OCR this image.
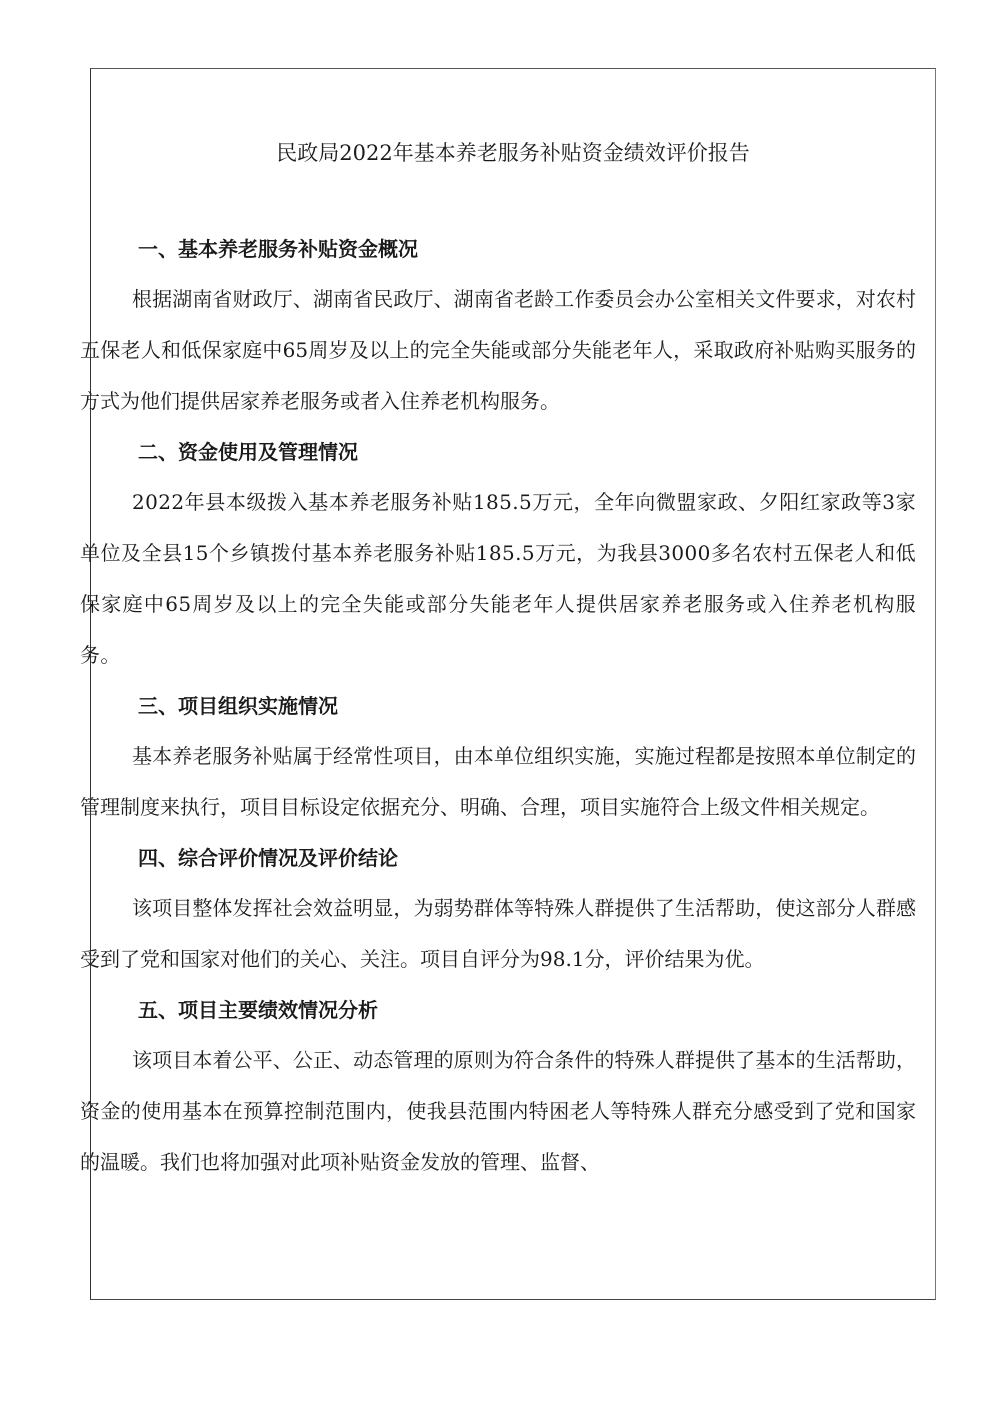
民政局2022年基本养老服务补贴资金绩效评价报告
一、基本养老服务补贴资金概况

根据湖南省财政厅、湖南省民政厅、湖南省老龄工作委员会办公室相关文件要求，对农村五保老人和低保家庭中65周岁及以上的完全失能或部分失能老年人，采取政府补贴购买服务的方式为他们提供居家养老服务或者入住养老机构服务。

二、资金使用及管理情况

2022年县本级拨入基本养老服务补贴185.5万元，全年向微盟家政、夕阳红家政等3家单位及全县15个乡镇拨付基本养老服务补贴185.5万元，为我县3000多名农村五保老人和低保家庭中65周岁及以上的完全失能或部分失能老年人提供居家养老服务或入住养老机构服务。

三、项目组织实施情况

基本养老服务补贴属于经常性项目，由本单位组织实施，实施过程都是按照本单位制定的管理制度来执行，项目目标设定依据充分、明确、合理，项目实施符合上级文件相关规定。

四、综合评价情况及评价结论

该项目整体发挥社会效益明显，为弱势群体等特殊人群提供了生活帮助，使这部分人群感受到了党和国家对他们的关心、关注。项目自评分为98.1分，评价结果为优。

五、项目主要绩效情况分析

该项目本着公平、公正、动态管理的原则为符合条件的特殊人群提供了基本的生活帮助，资金的使用基本在预算控制范围内，使我县范围内特困老人等特殊人群充分感受到了党和国家的温暖。我们也将加强对此项补贴资金发放的管理、监督、
